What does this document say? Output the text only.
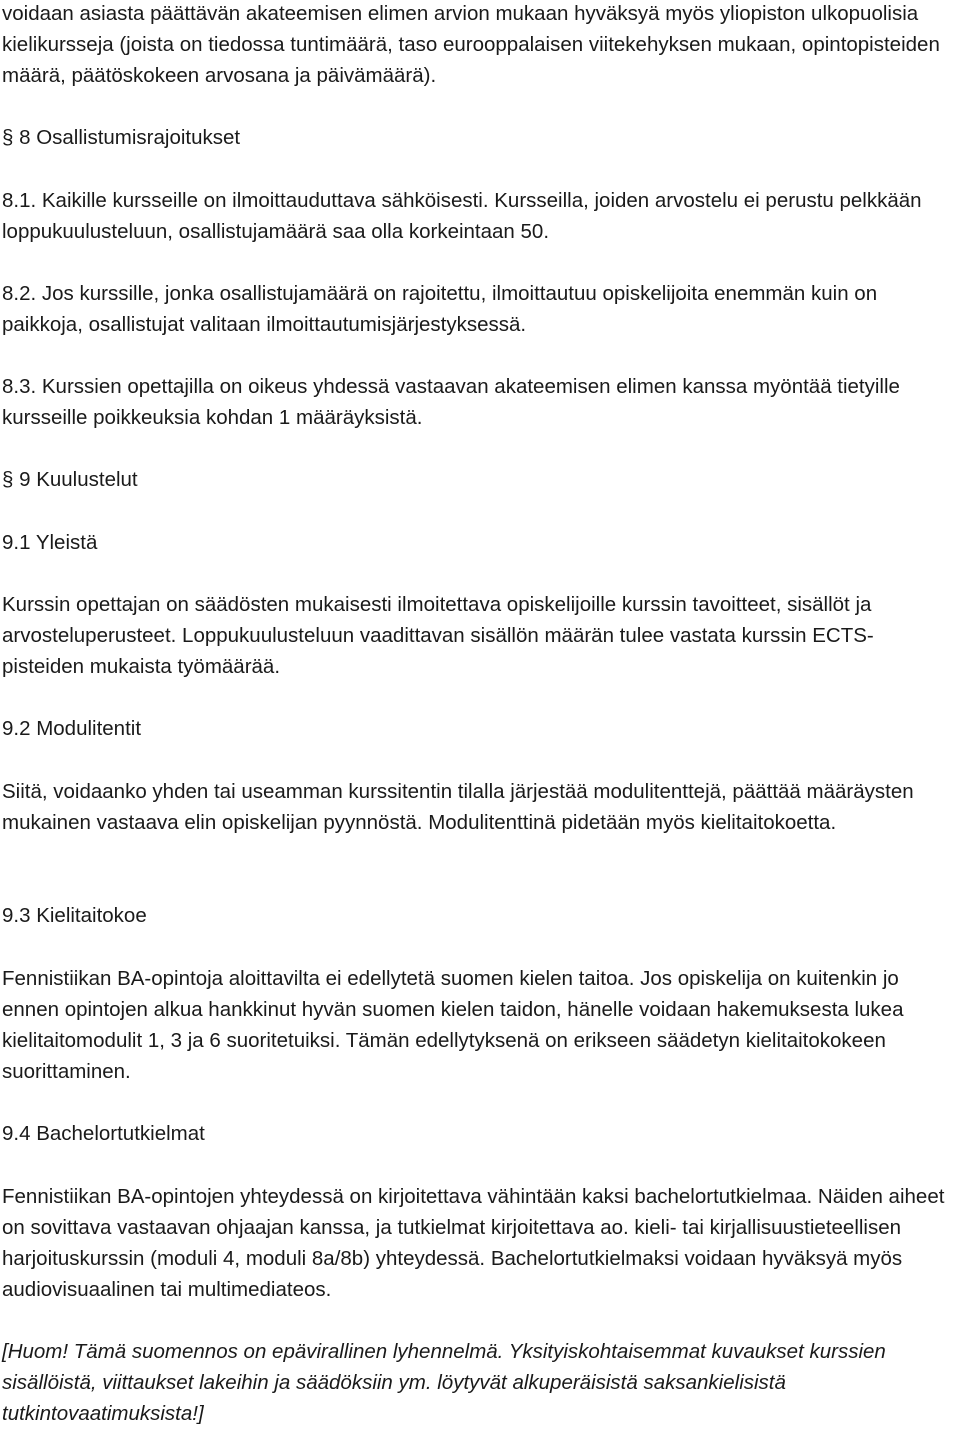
voidaan asiasta päättävän akateemisen elimen arvion mukaan hyväksyä myös yliopiston ulkopuolisia kielikursseja (joista on tiedossa tuntimäärä, taso eurooppalaisen viitekehyksen mukaan, opintopisteiden määrä, päätöskokeen arvosana ja päivämäärä).

§ 8 Osallistumisrajoitukset

8.1. Kaikille kursseille on ilmoittauduttava sähköisesti. Kursseilla, joiden arvostelu ei perustu pelkkään loppukuulusteluun, osallistujamäärä saa olla korkeintaan 50.

8.2. Jos kurssille, jonka osallistujamäärä on rajoitettu, ilmoittautuu opiskelijoita enemmän kuin on paikkoja, osallistujat valitaan ilmoittautumisjärjestyksessä.

8.3. Kurssien opettajilla on oikeus yhdessä vastaavan akateemisen elimen kanssa myöntää tietyille kursseille poikkeuksia kohdan 1 määräyksistä.

§ 9 Kuulustelut

9.1 Yleistä

Kurssin opettajan on säädösten mukaisesti ilmoitettava opiskelijoille kurssin tavoitteet, sisällöt ja arvosteluperusteet. Loppukuulusteluun vaadittavan sisällön määrän tulee vastata kurssin ECTS-pisteiden mukaista työmäärää.

9.2 Modulitentit

Siitä, voidaanko yhden tai useamman kurssitentin tilalla järjestää modulitenttejä, päättää määräysten mukainen vastaava elin opiskelijan pyynnöstä. Modulitenttinä pidetään myös kielitaitokoetta.

9.3 Kielitaitokoe

Fennistiikan BA-opintoja aloittavilta ei edellytetä suomen kielen taitoa. Jos opiskelija on kuitenkin jo ennen opintojen alkua hankkinut hyvän suomen kielen taidon, hänelle voidaan hakemuksesta lukea kielitaitomodulit 1, 3 ja 6 suoritetuiksi. Tämän edellytyksenä on erikseen säädetyn kielitaitokokeen suorittaminen.

9.4 Bachelortutkielmat

Fennistiikan BA-opintojen yhteydessä on kirjoitettava vähintään kaksi bachelortutkielmaa. Näiden aiheet on sovittava vastaavan ohjaajan kanssa, ja tutkielmat kirjoitettava ao. kieli- tai kirjallisuustieteellisen harjoituskurssin (moduli 4, moduli 8a/8b) yhteydessä. Bachelortutkielmaksi voidaan hyväksyä myös audiovisuaalinen tai multimediateos.

[Huom! Tämä suomennos on epävirallinen lyhennelmä. Yksityiskohtaisemmat kuvaukset kurssien sisällöistä, viittaukset lakeihin ja säädöksiin ym. löytyvät alkuperäisistä saksankielisistä tutkintovaatimuksista!]
